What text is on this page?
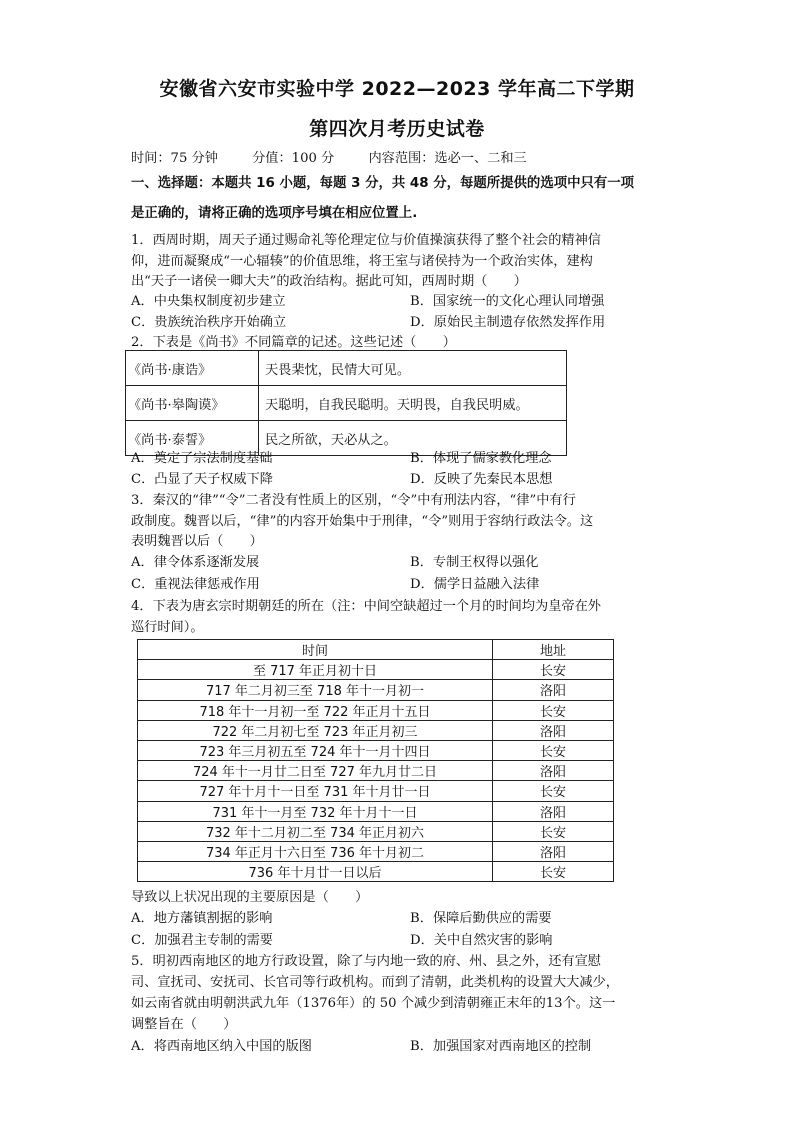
安徽省六安市实验中学 2022—2023 学年高二下学期
第四次月考历史试卷
时间：75 分钟	分值：100 分	内容范围：选必一、二和三
一、选择题：本题共 16 小题，每题 3 分，共 48 分，每题所提供的选项中只有一项
是正确的，请将正确的选项序号填在相应位置上.
1．西周时期，周天子通过赐命礼等伦理定位与价值操演获得了整个社会的精神信
仰，进而凝聚成“一心辐辏”的价值思维，将王室与诸侯持为一个政治实体，建构
出“天子一诸侯一卿大夫”的政治结构。据此可知，西周时期（　　）
A．中央集权制度初步建立	B．国家统一的文化心理认同增强
C．贵族统治秩序开始确立	D．原始民主制遗存依然发挥作用
2．下表是《尚书》不同篇章的记述。这些记述（　　）
《尚书·康诰》	天畏棐忱，民情大可见。
《尚书·皋陶谟》	天聪明，自我民聪明。天明畏，自我民明威。
《尚书·泰誓》	民之所欲，天必从之。
A．奠定了宗法制度基础	B．体现了儒家教化理念
C．凸显了天子权威下降	D．反映了先秦民本思想
3．秦汉的“律”“令”二者没有性质上的区别，“令”中有刑法内容，“律”中有行
政制度。魏晋以后，“律”的内容开始集中于刑律，“令”则用于容纳行政法令。这
表明魏晋以后（　　）
A．律令体系逐渐发展	B．专制王权得以强化
C．重视法律惩戒作用	D．儒学日益融入法律
4．下表为唐玄宗时期朝廷的所在（注：中间空缺超过一个月的时间均为皇帝在外
巡行时间）。
时间	地址
至 717 年正月初十日	长安
717 年二月初三至 718 年十一月初一	洛阳
718 年十一月初一至 722 年正月十五日	长安
722 年二月初七至 723 年正月初三	洛阳
723 年三月初五至 724 年十一月十四日	长安
724 年十一月廿二日至 727 年九月廿二日	洛阳
727 年十月十一日至 731 年十月廿一日	长安
731 年十一月至 732 年十月十一日	洛阳
732 年十二月初二至 734 年正月初六	长安
734 年正月十六日至 736 年十月初二	洛阳
736 年十月廿一日以后	长安
导致以上状况出现的主要原因是（　　）
A．地方藩镇割据的影响	B．保障后勤供应的需要
C．加强君主专制的需要	D．关中自然灾害的影响
5．明初西南地区的地方行政设置，除了与内地一致的府、州、县之外，还有宣慰
司、宣抚司、安抚司、长官司等行政机构。而到了清朝，此类机构的设置大大减少，
如云南省就由明朝洪武九年（1376年）的 50 个减少到清朝雍正末年的13个。这一
调整旨在（　　）
A．将西南地区纳入中国的版图	B．加强国家对西南地区的控制
